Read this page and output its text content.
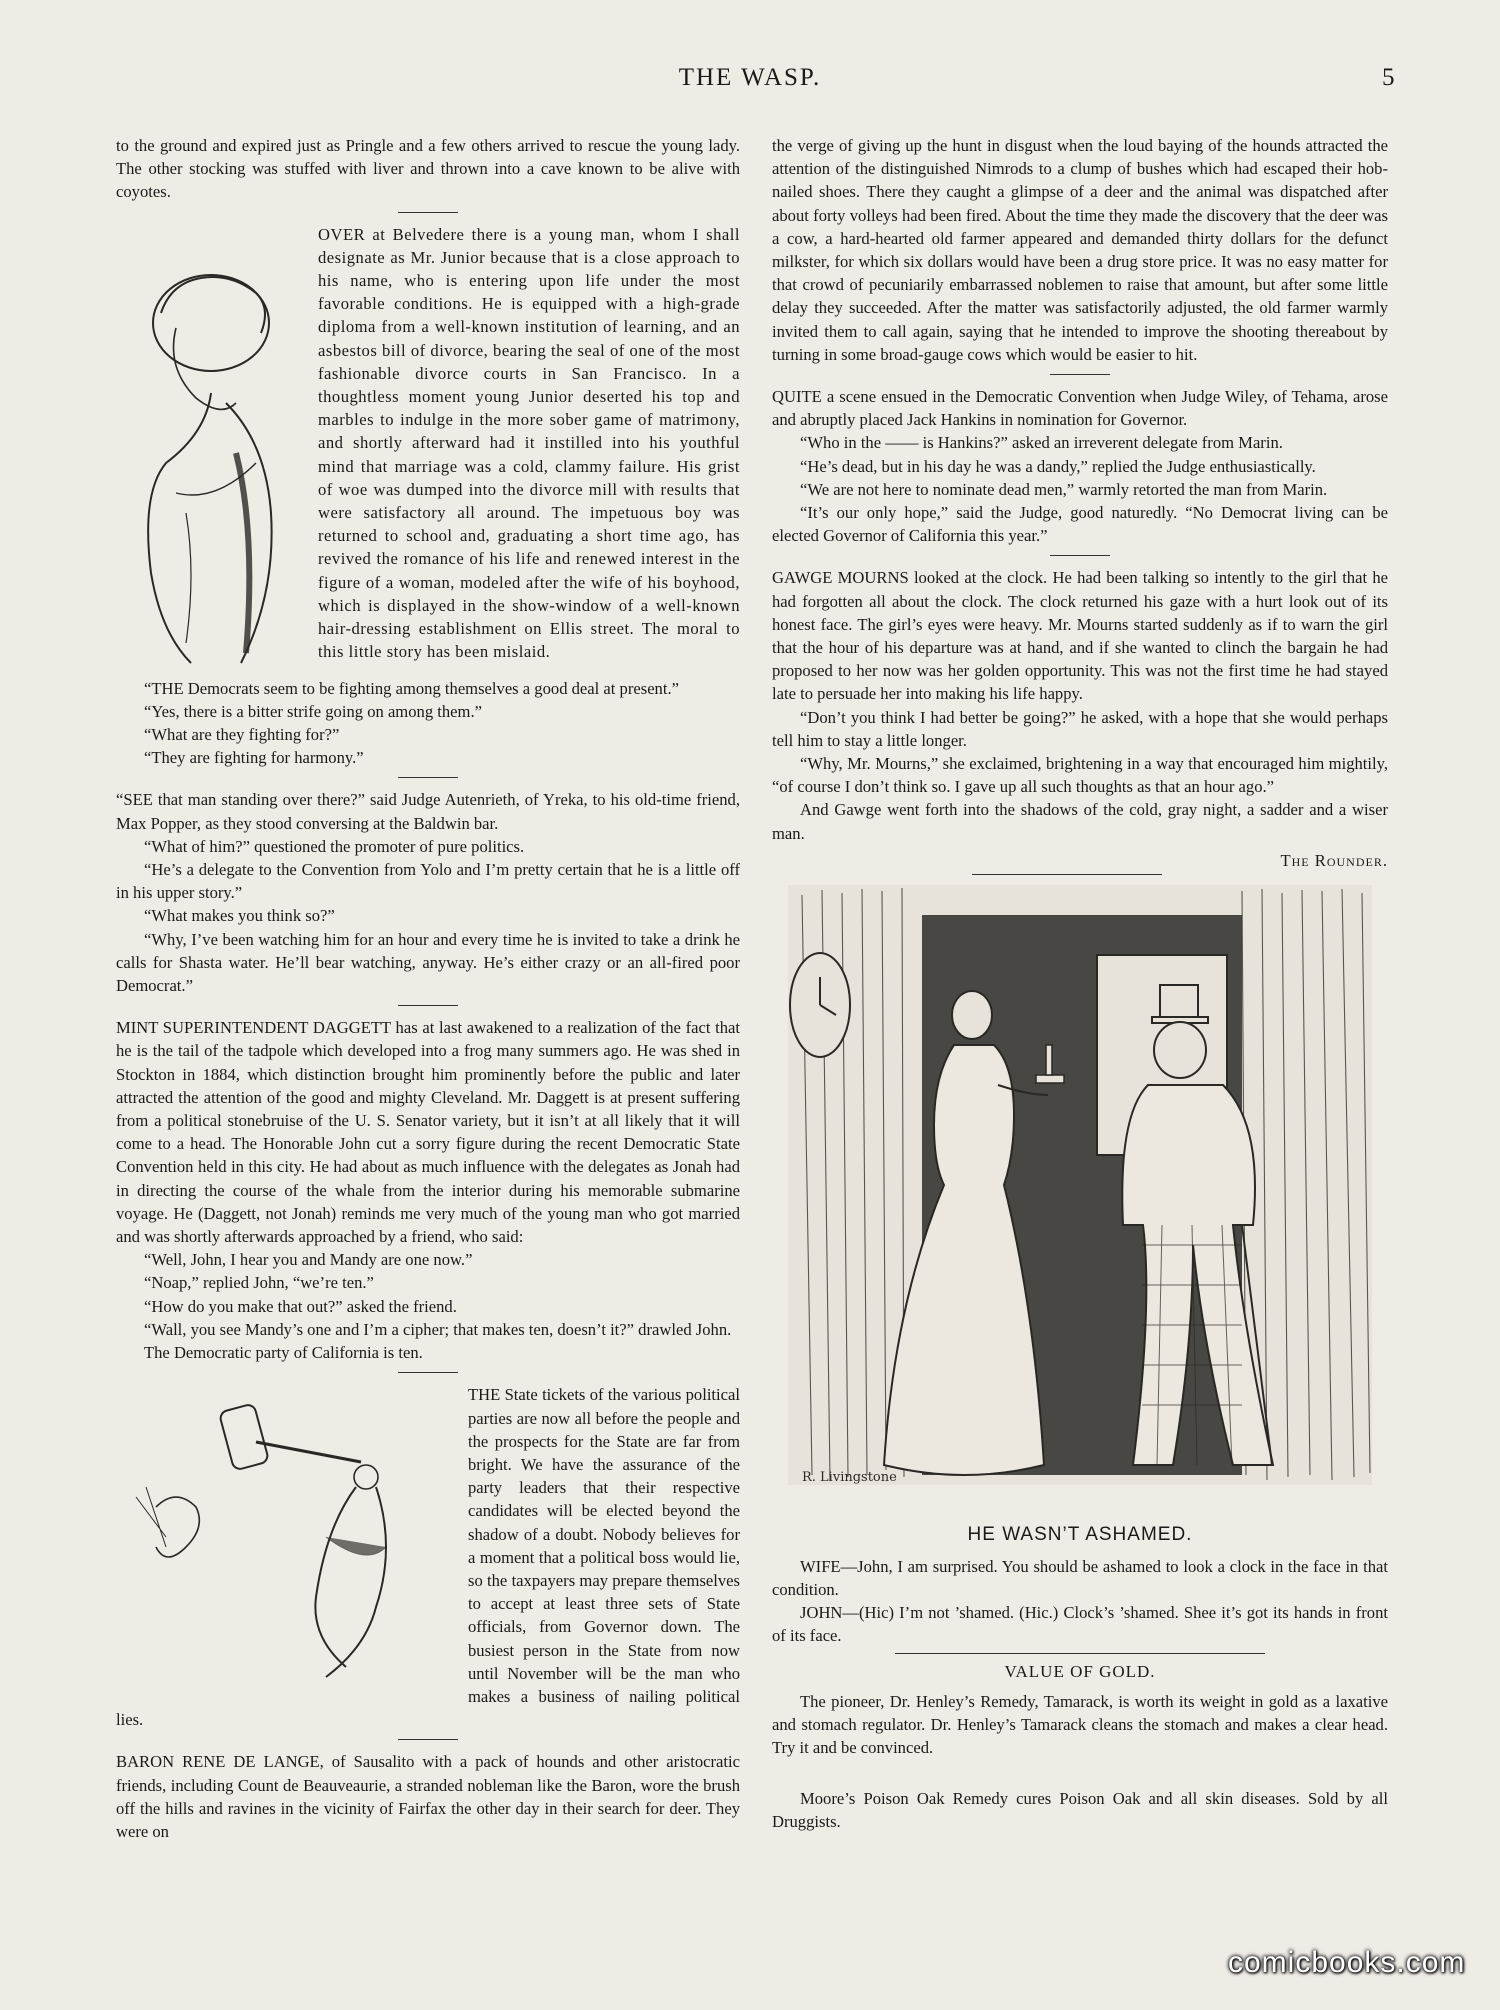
THE WASP.	5

to the ground and expired just as Pringle and a few others arrived to rescue the young lady. The other stocking was stuffed with liver and thrown into a cave known to be alive with coyotes.

OVER at Belvedere there is a young man, whom I shall designate as Mr. Junior because that is a close approach to his name, who is entering upon life under the most favorable conditions. He is equipped with a high-grade diploma from a well-known institution of learning, and an asbestos bill of divorce, bearing the seal of one of the most fashionable divorce courts in San Francisco. In a thoughtless moment young Junior deserted his top and marbles to indulge in the more sober game of matrimony, and shortly afterward had it instilled into his youthful mind that marriage was a cold, clammy failure. His grist of woe was dumped into the divorce mill with results that were satisfactory all around. The impetuous boy was returned to school and, graduating a short time ago, has revived the romance of his life and renewed interest in the figure of a woman, modeled after the wife of his boyhood, which is displayed in the show-window of a well-known hair-dressing establishment on Ellis street. The moral to this little story has been mislaid.

“THE Democrats seem to be fighting among themselves a good deal at present.”

“Yes, there is a bitter strife going on among them.”

“What are they fighting for?”

“They are fighting for harmony.”

“SEE that man standing over there?” said Judge Autenrieth, of Yreka, to his old-time friend, Max Popper, as they stood conversing at the Baldwin bar.

“What of him?” questioned the promoter of pure politics.

“He’s a delegate to the Convention from Yolo and I’m pretty certain that he is a little off in his upper story.”

“What makes you think so?”

“Why, I’ve been watching him for an hour and every time he is invited to take a drink he calls for Shasta water. He’ll bear watching, anyway. He’s either crazy or an all-fired poor Democrat.”

MINT SUPERINTENDENT DAGGETT has at last awakened to a realization of the fact that he is the tail of the tadpole which developed into a frog many summers ago. He was shed in Stockton in 1884, which distinction brought him prominently before the public and later attracted the attention of the good and mighty Cleveland. Mr. Daggett is at present suffering from a political stonebruise of the U. S. Senator variety, but it isn’t at all likely that it will come to a head. The Honorable John cut a sorry figure during the recent Democratic State Convention held in this city. He had about as much influence with the delegates as Jonah had in directing the course of the whale from the interior during his memorable submarine voyage. He (Daggett, not Jonah) reminds me very much of the young man who got married and was shortly afterwards approached by a friend, who said:

“Well, John, I hear you and Mandy are one now.”

“Noap,” replied John, “we’re ten.”

“How do you make that out?” asked the friend.

“Wall, you see Mandy’s one and I’m a cipher; that makes ten, doesn’t it?” drawled John.

The Democratic party of California is ten.

THE State tickets of the various political parties are now all before the people and the prospects for the State are far from bright. We have the assurance of the party leaders that their respective candidates will be elected beyond the shadow of a doubt. Nobody believes for a moment that a political boss would lie, so the taxpayers may prepare themselves to accept at least three sets of State officials, from Governor down. The busiest person in the State from now until November will be the man who makes a business of nailing political lies.

BARON RENE DE LANGE, of Sausalito with a pack of hounds and other aristocratic friends, including Count de Beauveaurie, a stranded nobleman like the Baron, wore the brush off the hills and ravines in the vicinity of Fairfax the other day in their search for deer. They were on

the verge of giving up the hunt in disgust when the loud baying of the hounds attracted the attention of the distinguished Nimrods to a clump of bushes which had escaped their hob-nailed shoes. There they caught a glimpse of a deer and the animal was dispatched after about forty volleys had been fired. About the time they made the discovery that the deer was a cow, a hard-hearted old farmer appeared and demanded thirty dollars for the defunct milkster, for which six dollars would have been a drug store price. It was no easy matter for that crowd of pecuniarily embarrassed noblemen to raise that amount, but after some little delay they succeeded. After the matter was satisfactorily adjusted, the old farmer warmly invited them to call again, saying that he intended to improve the shooting thereabout by turning in some broad-gauge cows which would be easier to hit.

QUITE a scene ensued in the Democratic Convention when Judge Wiley, of Tehama, arose and abruptly placed Jack Hankins in nomination for Governor.

“Who in the —— is Hankins?” asked an irreverent delegate from Marin.

“He’s dead, but in his day he was a dandy,” replied the Judge enthusiastically.

“We are not here to nominate dead men,” warmly retorted the man from Marin.

“It’s our only hope,” said the Judge, good naturedly. “No Democrat living can be elected Governor of California this year.”

GAWGE MOURNS looked at the clock. He had been talking so intently to the girl that he had forgotten all about the clock. The clock returned his gaze with a hurt look out of its honest face. The girl’s eyes were heavy. Mr. Mourns started suddenly as if to warn the girl that the hour of his departure was at hand, and if she wanted to clinch the bargain he had proposed to her now was her golden opportunity. This was not the first time he had stayed late to persuade her into making his life happy.

“Don’t you think I had better be going?” he asked, with a hope that she would perhaps tell him to stay a little longer.

“Why, Mr. Mourns,” she exclaimed, brightening in a way that encouraged him mightily, “of course I don’t think so. I gave up all such thoughts as that an hour ago.”

And Gawge went forth into the shadows of the cold, gray night, a sadder and a wiser man.

The Rounder.
R. Livingstone
HE WASN’T ASHAMED.

WIFE—John, I am surprised. You should be ashamed to look a clock in the face in that condition.

JOHN—(Hic) I’m not ’shamed. (Hic.) Clock’s ’shamed. Shee it’s got its hands in front of its face.

VALUE OF GOLD.

The pioneer, Dr. Henley’s Remedy, Tamarack, is worth its weight in gold as a laxative and stomach regulator. Dr. Henley’s Tamarack cleans the stomach and makes a clear head. Try it and be convinced.

Moore’s Poison Oak Remedy cures Poison Oak and all skin diseases. Sold by all Druggists.

comicbooks.com
